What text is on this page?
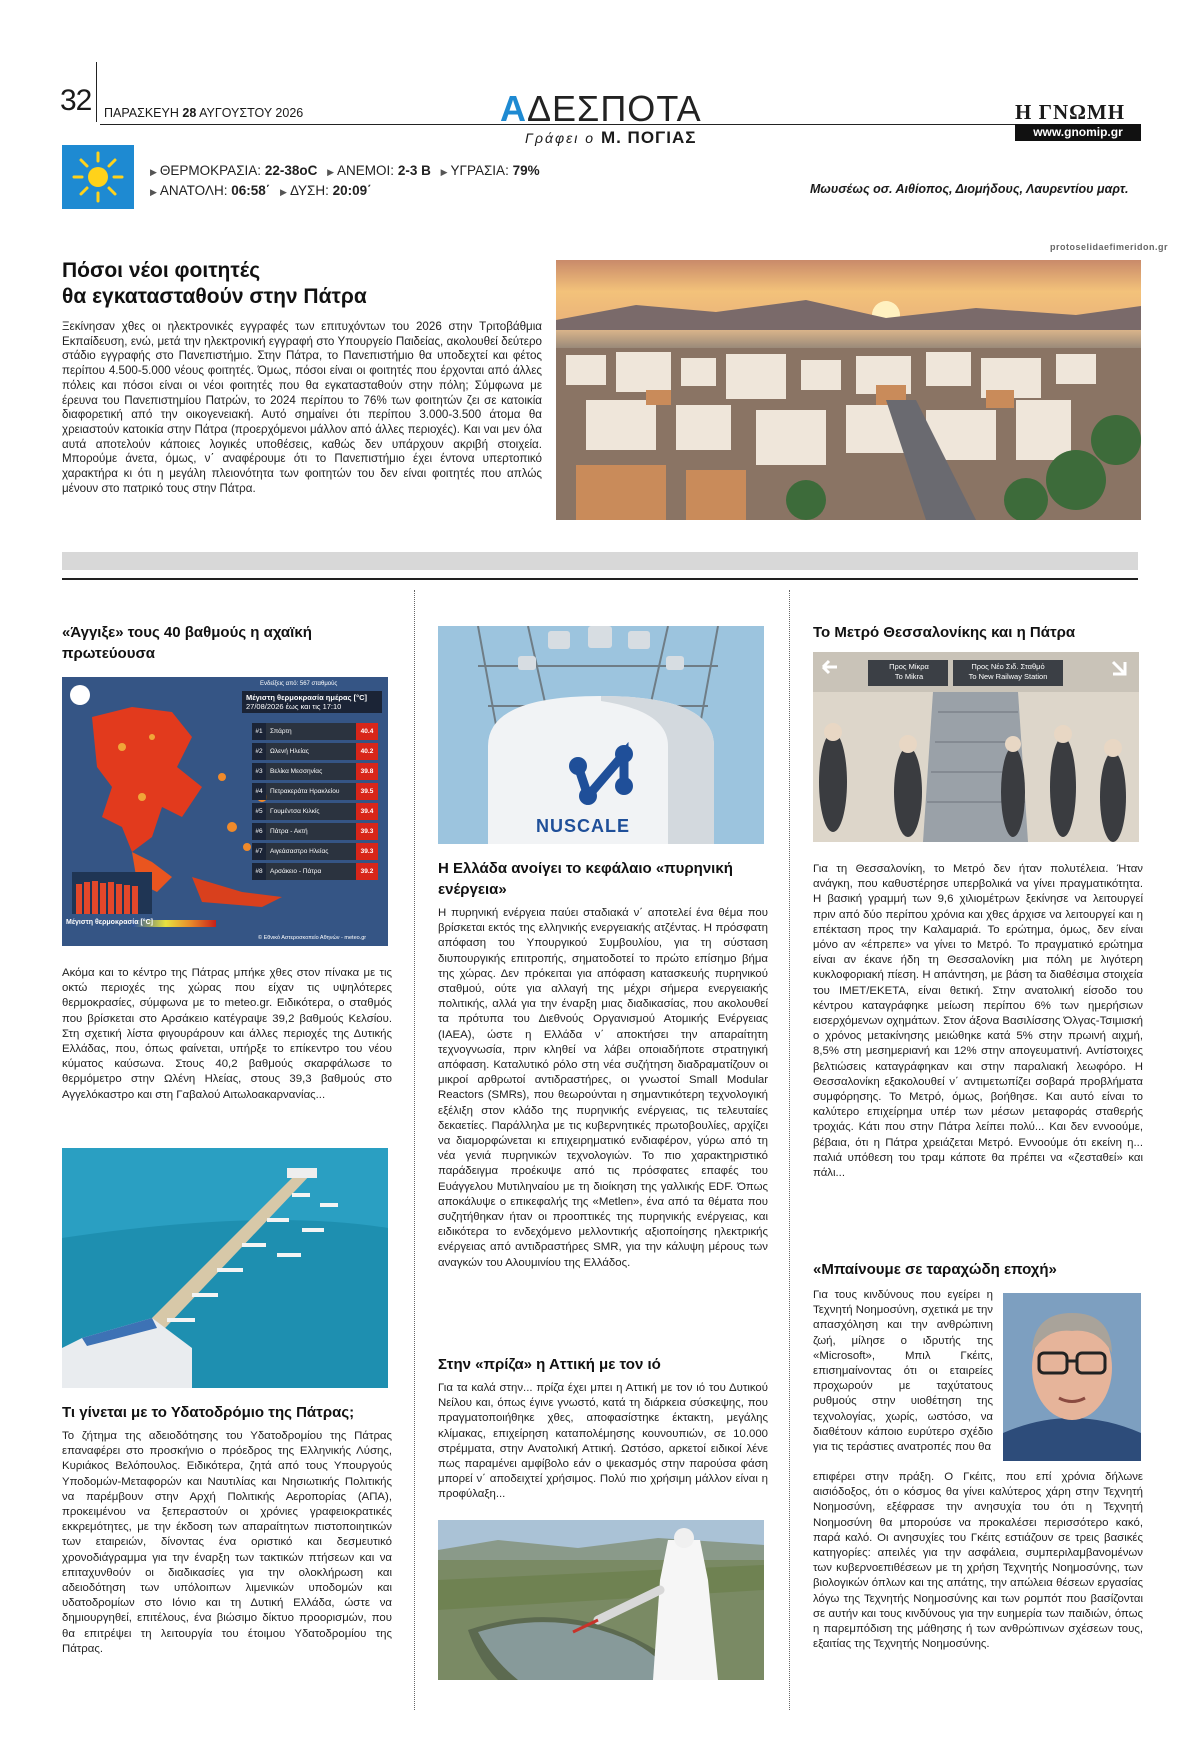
32 ΠΑΡΑΣΚΕΥΗ 28 ΑΥΓΟΥΣΤΟΥ 2026	ΑΔΕΣΠΟΤΑ
Γράφει ο Μ. ΠΟΓΙΑΣ
Η ΓΝΩΜΗ
www.gnomip.gr
▶ ΘΕΡΜΟΚΡΑΣΙΑ: 22-38oC ▶ ΑΝΕΜΟΙ: 2-3 Β ▶ ΥΓΡΑΣΙΑ: 79%
▶ ΑΝΑΤΟΛΗ: 06:58΄ ▶ ΔΥΣΗ: 20:09΄	Μωυσέως οσ. Αιθίοπος, Διομήδους, Λαυρεντίου μαρτ.
protoselidaefimeridon.gr
Πόσοι νέοι φοιτητές
θα εγκατασταθούν στην Πάτρα

Ξεκίνησαν χθες οι ηλεκτρονικές εγγραφές των επιτυχόντων του 2026 στην Τριτοβάθμια Εκπαίδευση, ενώ, μετά την ηλεκτρονική εγγραφή στο Υπουργείο Παιδείας, ακολουθεί δεύτερο στάδιο εγγραφής στο Πανεπιστήμιο. Στην Πάτρα, το Πανεπιστήμιο θα υποδεχτεί και φέτος περίπου 4.500-5.000 νέους φοιτητές. Όμως, πόσοι είναι οι φοιτητές που έρχονται από άλλες πόλεις και πόσοι είναι οι νέοι φοιτητές που θα εγκατασταθούν στην πόλη; Σύμφωνα με έρευνα του Πανεπιστημίου Πατρών, το 2024 περίπου το 76% των φοιτητών ζει σε κατοικία διαφορετική από την οικογενειακή. Αυτό σημαίνει ότι περίπου 3.000-3.500 άτομα θα χρειαστούν κατοικία στην Πάτρα (προερχόμενοι μάλλον από άλλες περιοχές). Και ναι μεν όλα αυτά αποτελούν κάποιες λογικές υποθέσεις, καθώς δεν υπάρχουν ακριβή στοιχεία. Μπορούμε άνετα, όμως, ν΄ αναφέρουμε ότι το Πανεπιστήμιο έχει έντονα υπερτοπικό χαρακτήρα κι ότι η μεγάλη πλειονότητα των φοιτητών του δεν είναι φοιτητές που απλώς μένουν στο πατρικό τους στην Πάτρα.

«Άγγιξε» τους 40 βαθμούς η αχαϊκή πρωτεύουσα
Ενδείξεις από: 567 σταθμούς
Μέγιστη θερμοκρασία ημέρας [°C]
27/08/2026 έως και τις 17:10
#1	Σπάρτη	40.4
#2	Ωλενή Ηλείας	40.2
#3	Βελίκα Μεσσηνίας	39.8
#4	Πετρακεράτα Ηρακλείου	39.5
#5	Γουμέντσα Κιλκίς	39.4
#6	Πάτρα - Ακτή	39.3
#7	Αιγεάσαστρο Ηλείας	39.3
#8	Αρσάκειο - Πάτρα	39.2
Μέγιστη θερμοκρασία [°C]
© Εθνικό Αστεροσκοπείο Αθηνών - meteo.gr

Ακόμα και το κέντρο της Πάτρας μπήκε χθες στον πίνακα με τις οκτώ περιοχές της χώρας που είχαν τις υψηλότερες θερμοκρασίες, σύμφωνα με το meteo.gr. Ειδικότερα, ο σταθμός που βρίσκεται στο Αρσάκειο κατέγραψε 39,2 βαθμούς Κελσίου. Στη σχετική λίστα φιγουράρουν και άλλες περιοχές της Δυτικής Ελλάδας, που, όπως φαίνεται, υπήρξε το επίκεντρο του νέου κύματος καύσωνα. Στους 40,2 βαθμούς σκαρφάλωσε το θερμόμετρο στην Ωλένη Ηλείας, στους 39,3 βαθμούς στο Αγγελόκαστρο και στη Γαβαλού Αιτωλοακαρνανίας...

Τι γίνεται με το Υδατοδρόμιο της Πάτρας;

Το ζήτημα της αδειοδότησης του Υδατοδρομίου της Πάτρας επαναφέρει στο προσκήνιο ο πρόεδρος της Ελληνικής Λύσης, Κυριάκος Βελόπουλος. Ειδικότερα, ζητά από τους Υπουργούς Υποδομών-Μεταφορών και Ναυτιλίας και Νησιωτικής Πολιτικής να παρέμβουν στην Αρχή Πολιτικής Αεροπορίας (ΑΠΑ), προκειμένου να ξεπεραστούν οι χρόνιες γραφειοκρατικές εκκρεμότητες, με την έκδοση των απαραίτητων πιστοποιητικών των εταιρειών, δίνοντας ένα οριστικό και δεσμευτικό χρονοδιάγραμμα για την έναρξη των τακτικών πτήσεων και να επιταχυνθούν οι διαδικασίες για την ολοκλήρωση και αδειοδότηση των υπόλοιπων λιμενικών υποδομών και υδατοδρομίων στο Ιόνιο και τη Δυτική Ελλάδα, ώστε να δημιουργηθεί, επιτέλους, ένα βιώσιμο δίκτυο προορισμών, που θα επιτρέψει τη λειτουργία του έτοιμου Υδατοδρομίου της Πάτρας.

NUSCALE
Η Ελλάδα ανοίγει το κεφάλαιο «πυρηνική ενέργεια»

Η πυρηνική ενέργεια παύει σταδιακά ν΄ αποτελεί ένα θέμα που βρίσκεται εκτός της ελληνικής ενεργειακής ατζέντας. Η πρόσφατη απόφαση του Υπουργικού Συμβουλίου, για τη σύσταση διυπουργικής επιτροπής, σηματοδοτεί το πρώτο επίσημο βήμα της χώρας. Δεν πρόκειται για απόφαση κατασκευής πυρηνικού σταθμού, ούτε για αλλαγή της μέχρι σήμερα ενεργειακής πολιτικής, αλλά για την έναρξη μιας διαδικασίας, που ακολουθεί τα πρότυπα του Διεθνούς Οργανισμού Ατομικής Ενέργειας (IAEA), ώστε η Ελλάδα ν΄ αποκτήσει την απαραίτητη τεχνογνωσία, πριν κληθεί να λάβει οποιαδήποτε στρατηγική απόφαση. Καταλυτικό ρόλο στη νέα συζήτηση διαδραματίζουν οι μικροί αρθρωτοί αντιδραστήρες, οι γνωστοί Small Modular Reactors (SMRs), που θεωρούνται η σημαντικότερη τεχνολογική εξέλιξη στον κλάδο της πυρηνικής ενέργειας, τις τελευταίες δεκαετίες. Παράλληλα με τις κυβερνητικές πρωτοβουλίες, αρχίζει να διαμορφώνεται κι επιχειρηματικό ενδιαφέρον, γύρω από τη νέα γενιά πυρηνικών τεχνολογιών. Το πιο χαρακτηριστικό παράδειγμα προέκυψε από τις πρόσφατες επαφές του Ευάγγελου Μυτιληναίου με τη διοίκηση της γαλλικής EDF. Όπως αποκάλυψε ο επικεφαλής της «Metlen», ένα από τα θέματα που συζητήθηκαν ήταν οι προοπτικές της πυρηνικής ενέργειας, και ειδικότερα το ενδεχόμενο μελλοντικής αξιοποίησης ηλεκτρικής ενέργειας από αντιδραστήρες SMR, για την κάλυψη μέρους των αναγκών του Αλουμινίου της Ελλάδος.

Στην «πρίζα» η Αττική με τον ιό

Για τα καλά στην... πρίζα έχει μπει η Αττική με τον ιό του Δυτικού Νείλου και, όπως έγινε γνωστό, κατά τη διάρκεια σύσκεψης, που πραγματοποιήθηκε χθες, αποφασίστηκε έκτακτη, μεγάλης κλίμακας, επιχείρηση καταπολέμησης κουνουπιών, σε 10.000 στρέμματα, στην Ανατολική Αττική. Ωστόσο, αρκετοί ειδικοί λένε πως παραμένει αμφίβολο εάν ο ψεκασμός στην παρούσα φάση μπορεί ν΄ αποδειχτεί χρήσιμος. Πολύ πιο χρήσιμη μάλλον είναι η προφύλαξη...

Το Μετρό Θεσσαλονίκης και η Πάτρα
Προς Μίκρα
To Mikra
Προς Νέο Σιδ. Σταθμό
To New Railway Station

Για τη Θεσσαλονίκη, το Μετρό δεν ήταν πολυτέλεια. Ήταν ανάγκη, που καθυστέρησε υπερβολικά να γίνει πραγματικότητα. Η βασική γραμμή των 9,6 χιλιομέτρων ξεκίνησε να λειτουργεί πριν από δύο περίπου χρόνια και χθες άρχισε να λειτουργεί και η επέκταση προς την Καλαμαριά. Το ερώτημα, όμως, δεν είναι μόνο αν «έπρεπε» να γίνει το Μετρό. Το πραγματικό ερώτημα είναι αν έκανε ήδη τη Θεσσαλονίκη μια πόλη με λιγότερη κυκλοφοριακή πίεση. Η απάντηση, με βάση τα διαθέσιμα στοιχεία του ΙΜΕΤ/ΕΚΕΤΑ, είναι θετική. Στην ανατολική είσοδο του κέντρου καταγράφηκε μείωση περίπου 6% των ημερήσιων εισερχόμενων οχημάτων. Στον άξονα Βασιλίσσης Όλγας-Τσιμισκή ο χρόνος μετακίνησης μειώθηκε κατά 5% στην πρωινή αιχμή, 8,5% στη μεσημεριανή και 12% στην απογευματινή. Αντίστοιχες βελτιώσεις καταγράφηκαν και στην παραλιακή λεωφόρο. Η Θεσσαλονίκη εξακολουθεί ν΄ αντιμετωπίζει σοβαρά προβλήματα συμφόρησης. Το Μετρό, όμως, βοήθησε. Και αυτό είναι το καλύτερο επιχείρημα υπέρ των μέσων μεταφοράς σταθερής τροχιάς. Κάτι που στην Πάτρα λείπει πολύ... Και δεν εννοούμε, βέβαια, ότι η Πάτρα χρειάζεται Μετρό. Εννοούμε ότι εκείνη η... παλιά υπόθεση του τραμ κάποτε θα πρέπει να «ζεσταθεί» και πάλι...

«Μπαίνουμε σε ταραχώδη εποχή»

Για τους κινδύνους που εγείρει η Τεχνητή Νοημοσύνη, σχετικά με την απασχόληση και την ανθρώπινη ζωή, μίλησε ο ιδρυτής της «Microsoft», Μπιλ Γκέιτς, επισημαίνοντας ότι οι εταιρείες προχωρούν με ταχύτατους ρυθμούς στην υιοθέτηση της τεχνολογίας, χωρίς, ωστόσο, να διαθέτουν κάποιο ευρύτερο σχέδιο για τις τεράστιες ανατροπές που θα

επιφέρει στην πράξη. Ο Γκέιτς, που επί χρόνια δήλωνε αισιόδοξος, ότι ο κόσμος θα γίνει καλύτερος χάρη στην Τεχνητή Νοημοσύνη, εξέφρασε την ανησυχία του ότι η Τεχνητή Νοημοσύνη θα μπορούσε να προκαλέσει περισσότερο κακό, παρά καλό. Οι ανησυχίες του Γκέιτς εστιάζουν σε τρεις βασικές κατηγορίες: απειλές για την ασφάλεια, συμπεριλαμβανομένων των κυβερνοεπιθέσεων με τη χρήση Τεχνητής Νοημοσύνης, των βιολογικών όπλων και της απάτης, την απώλεια θέσεων εργασίας λόγω της Τεχνητής Νοημοσύνης και των ρομπότ που βασίζονται σε αυτήν και τους κινδύνους για την ευημερία των παιδιών, όπως η παρεμπόδιση της μάθησης ή των ανθρώπινων σχέσεων τους, εξαιτίας της Τεχνητής Νοημοσύνης.
